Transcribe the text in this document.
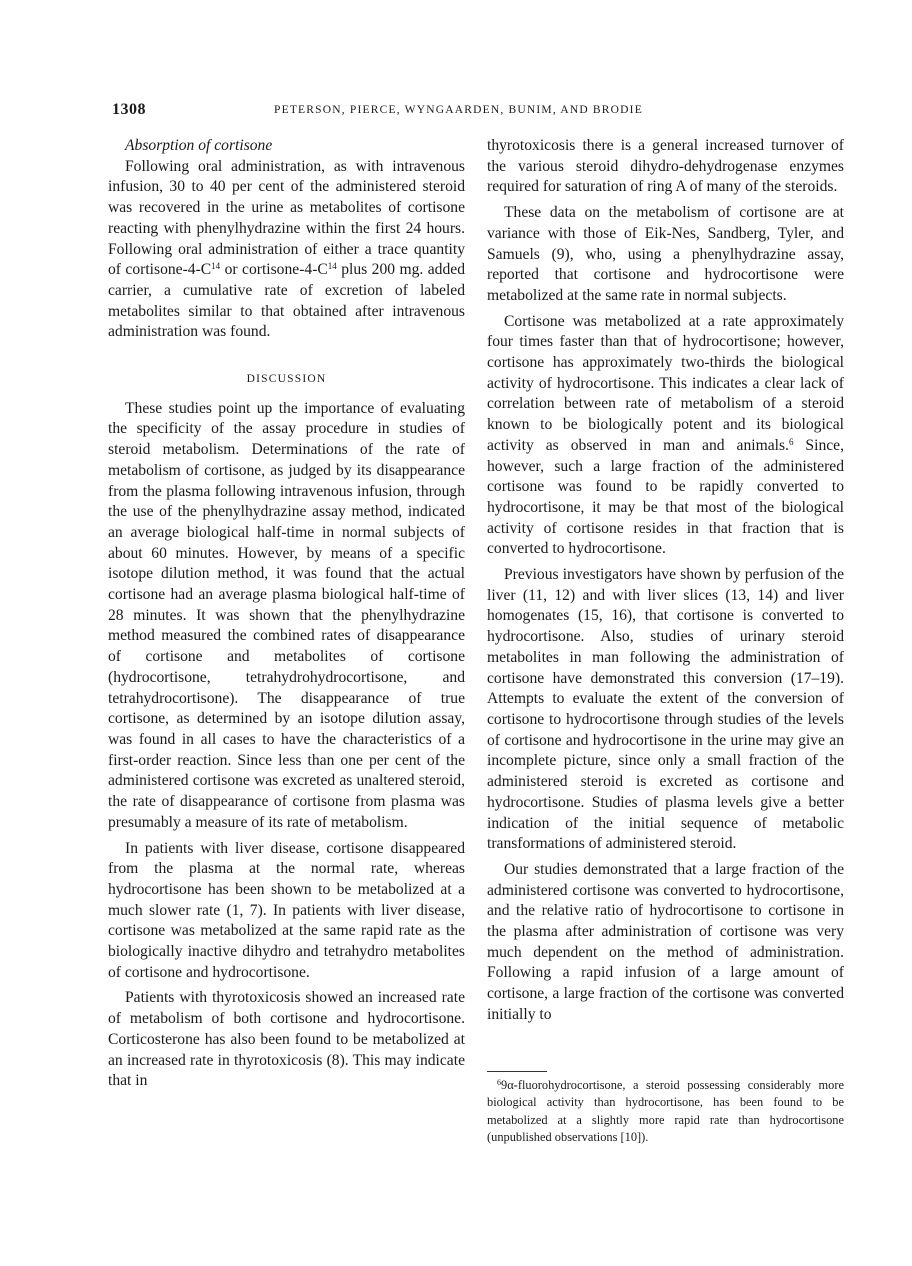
1308	PETERSON, PIERCE, WYNGAARDEN, BUNIM, AND BRODIE

Absorption of cortisone

Following oral administration, as with intravenous infusion, 30 to 40 per cent of the administered steroid was recovered in the urine as metabolites of cortisone reacting with phenylhydrazine within the first 24 hours. Following oral administration of either a trace quantity of cortisone-$4-C^{14}$ or cortisone-$4-C^{14}$ plus 200 mg. added carrier, a cumulative rate of excretion of labeled metabolites similar to that obtained after intravenous administration was found.

DISCUSSION

These studies point up the importance of evaluating the specificity of the assay procedure in studies of steroid metabolism. Determinations of the rate of metabolism of cortisone, as judged by its disappearance from the plasma following intravenous infusion, through the use of the phenylhydrazine assay method, indicated an average biological half-time in normal subjects of about 60 minutes. However, by means of a specific isotope dilution method, it was found that the actual cortisone had an average plasma biological half-time of 28 minutes. It was shown that the phenylhydrazine method measured the combined rates of disappearance of cortisone and metabolites of cortisone (hydrocortisone, tetrahydrohydrocortisone, and tetrahydrocortisone). The disappearance of true cortisone, as determined by an isotope dilution assay, was found in all cases to have the characteristics of a first-order reaction. Since less than one per cent of the administered cortisone was excreted as unaltered steroid, the rate of disappearance of cortisone from plasma was presumably a measure of its rate of metabolism.

In patients with liver disease, cortisone disappeared from the plasma at the normal rate, whereas hydrocortisone has been shown to be metabolized at a much slower rate (1, 7). In patients with liver disease, cortisone was metabolized at the same rapid rate as the biologically inactive dihydro and tetrahydro metabolites of cortisone and hydrocortisone.

Patients with thyrotoxicosis showed an increased rate of metabolism of both cortisone and hydrocortisone. Corticosterone has also been found to be metabolized at an increased rate in thyrotoxicosis (8). This may indicate that in

thyrotoxicosis there is a general increased turnover of the various steroid dihydro-dehydrogenase enzymes required for saturation of ring A of many of the steroids.

These data on the metabolism of cortisone are at variance with those of Eik-Nes, Sandberg, Tyler, and Samuels (9), who, using a phenylhydrazine assay, reported that cortisone and hydrocortisone were metabolized at the same rate in normal subjects.

Cortisone was metabolized at a rate approximately four times faster than that of hydrocortisone; however, cortisone has approximately two-thirds the biological activity of hydrocortisone. This indicates a clear lack of correlation between rate of metabolism of a steroid known to be biologically potent and its biological activity as observed in man and animals.$^6$ Since, however, such a large fraction of the administered cortisone was found to be rapidly converted to hydrocortisone, it may be that most of the biological activity of cortisone resides in that fraction that is converted to hydrocortisone.

Previous investigators have shown by perfusion of the liver (11, 12) and with liver slices (13, 14) and liver homogenates (15, 16), that cortisone is converted to hydrocortisone. Also, studies of urinary steroid metabolites in man following the administration of cortisone have demonstrated this conversion (17–19). Attempts to evaluate the extent of the conversion of cortisone to hydrocortisone through studies of the levels of cortisone and hydrocortisone in the urine may give an incomplete picture, since only a small fraction of the administered steroid is excreted as cortisone and hydrocortisone. Studies of plasma levels give a better indication of the initial sequence of metabolic transformations of administered steroid.

Our studies demonstrated that a large fraction of the administered cortisone was converted to hydrocortisone, and the relative ratio of hydrocortisone to cortisone in the plasma after administration of cortisone was very much dependent on the method of administration. Following a rapid infusion of a large amount of cortisone, a large fraction of the cortisone was converted initially to

$^6$9α-fluorohydrocortisone, a steroid possessing considerably more biological activity than hydrocortisone, has been found to be metabolized at a slightly more rapid rate than hydrocortisone (unpublished observations [10]).
